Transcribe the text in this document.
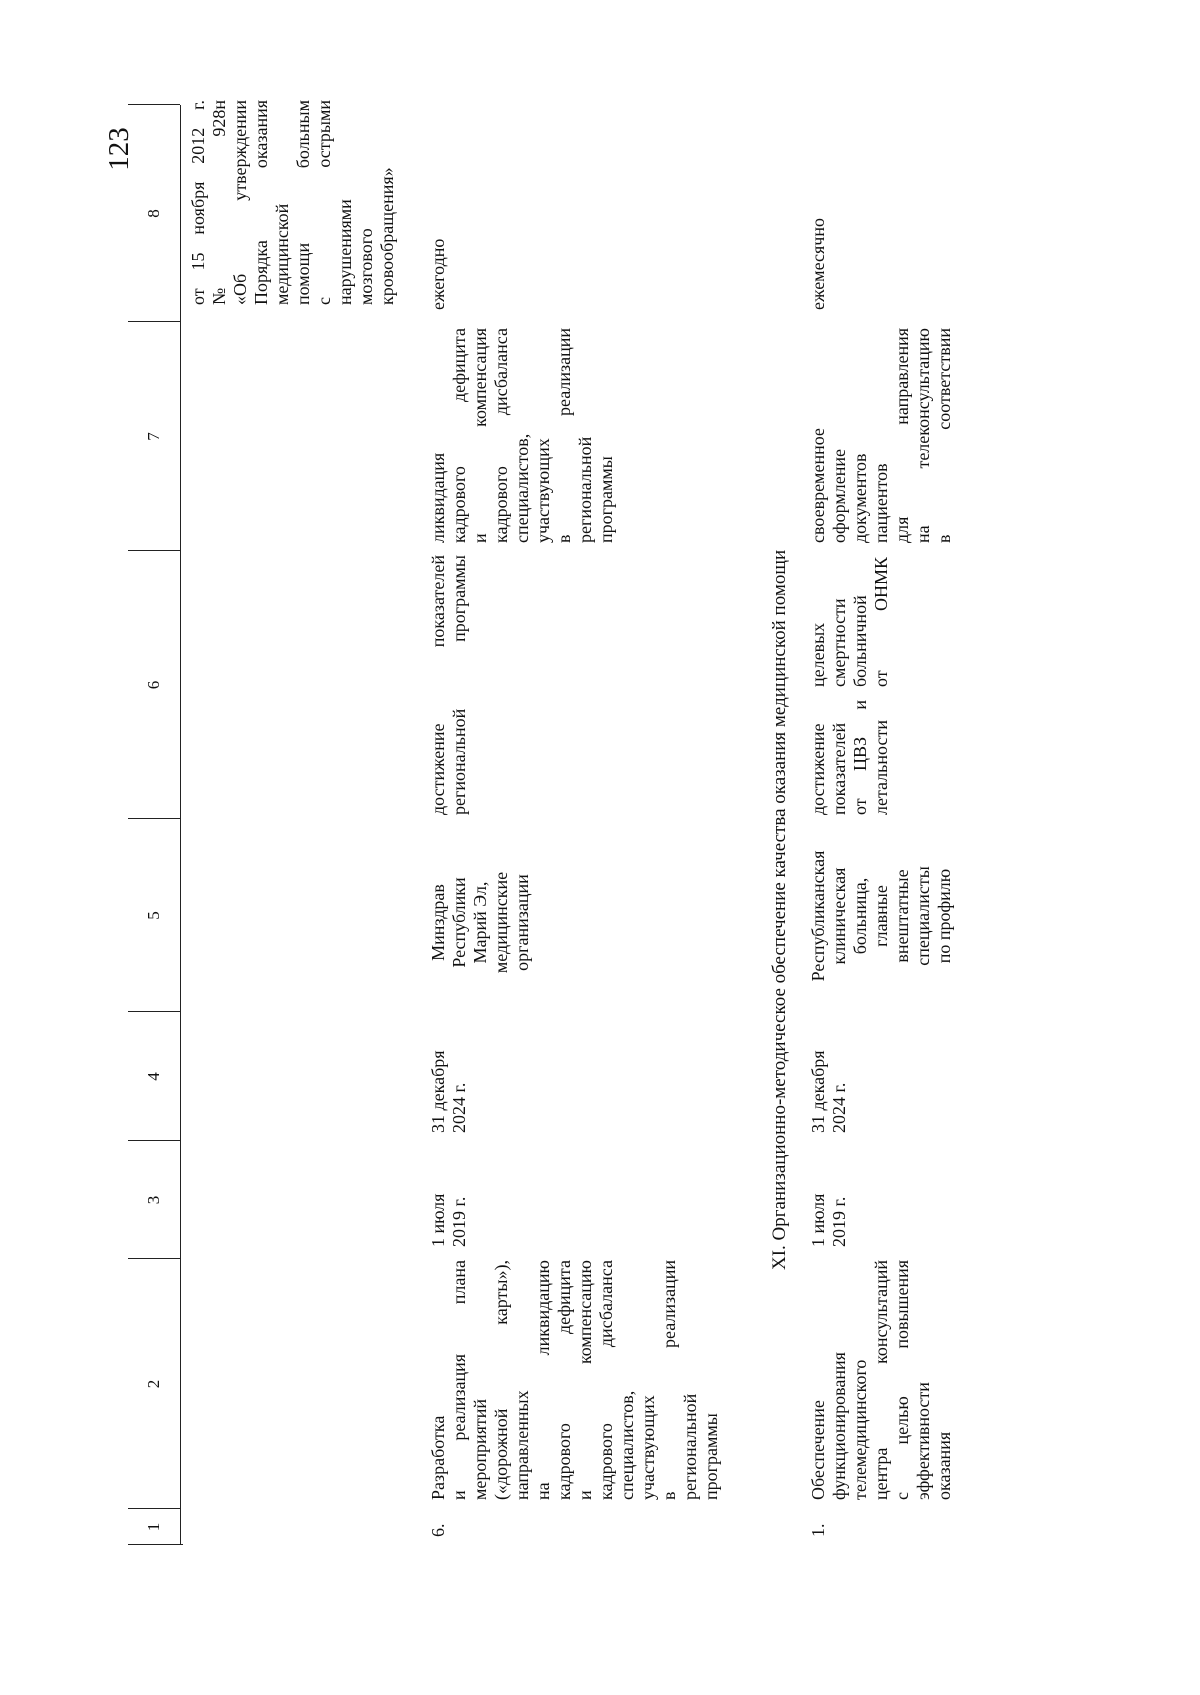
123
1
2
3
4
5
6
7
8
от 15 ноября 2012 г.
№ 928н
«Об утверждении
Порядка оказания
медицинской
помощи больным
с острыми
нарушениями
мозгового
кровообращения»
6.
Разработка
и реализация плана
мероприятий
(«дорожной карты»),
направленных
на ликвидацию
кадрового дефицита
и компенсацию
кадрового дисбаланса
специалистов,
участвующих
в реализации
региональной
программы
1 июля
2019 г.
31 декабря
2024 г.
Минздрав
Республики
Марий Эл,
медицинские
организации
достижение показателей
региональной программы
ликвидация
кадрового дефицита
и компенсация
кадрового дисбаланса
специалистов,
участвующих
в реализации
региональной
программы
ежегодно
XI. Организационно-методическое обеспечение качества оказания медицинской помощи
1.
Обеспечение
функционирования
телемедицинского
центра консультаций
с целью повышения
эффективности
оказания
1 июля
2019 г.
31 декабря
2024 г.
Республиканская
клиническая
больница,
главные
внештатные
специалисты
по профилю
достижение
показателей
от ЦВЗ и
летальности
целевых
смертности
больничной
от ОНМК
своевременное
оформление
документов
пациентов
для направления
на телеконсультацию
в соответствии
ежемесячно
